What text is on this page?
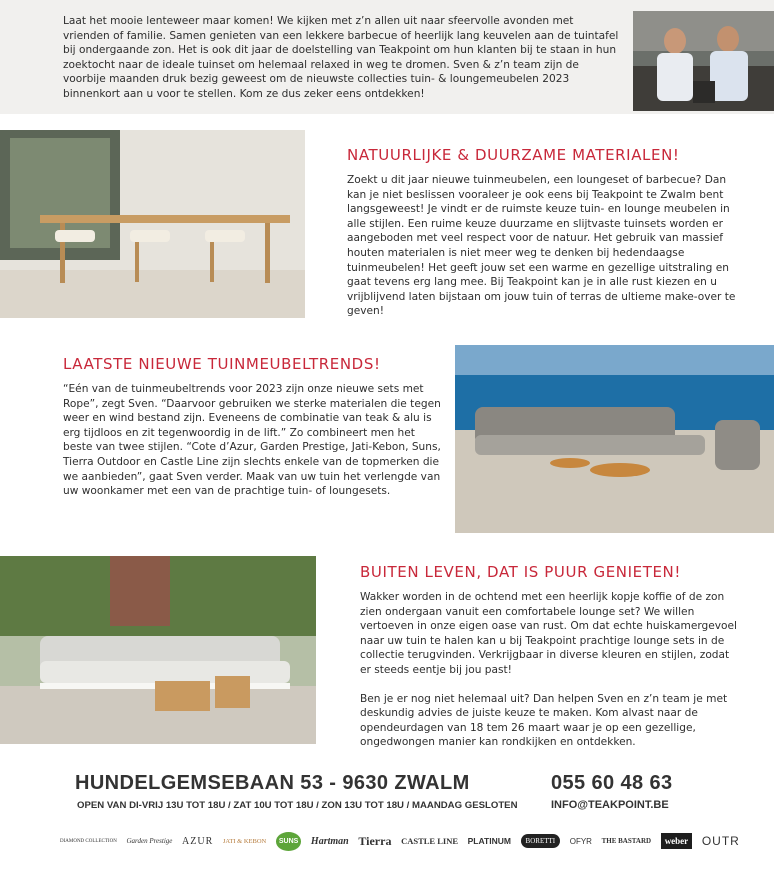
Laat het mooie lenteweer maar komen! We kijken met z’n allen uit naar sfeervolle avonden met vrienden of familie. Samen genieten van een lekkere barbecue of heerlijk lang keuvelen aan de tuintafel bij ondergaande zon. Het is ook dit jaar de doelstelling van Teakpoint om hun klanten bij te staan in hun zoektocht naar de ideale tuinset om helemaal relaxed in weg te dromen. Sven & z’n team zijn de voorbije maanden druk bezig geweest om de nieuwste collecties tuin- & loungemeubelen 2023 binnenkort aan u voor te stellen. Kom ze dus zeker eens ontdekken!

NATUURLIJKE & DUURZAME MATERIALEN!

Zoekt u dit jaar nieuwe tuinmeubelen, een loungeset of barbecue? Dan kan je niet beslissen vooraleer je ook eens bij Teakpoint te Zwalm bent langsgeweest! Je vindt er de ruimste keuze tuin- en lounge meubelen in alle stijlen. Een ruime keuze duurzame en slijtvaste tuinsets worden er aangeboden met veel respect voor de natuur. Het gebruik van massief houten materialen is niet meer weg te denken bij hedendaagse tuinmeubelen! Het geeft jouw set een warme en gezellige uitstraling en gaat tevens erg lang mee. Bij Teakpoint kan je in alle rust kiezen en u vrijblijvend laten bijstaan om jouw tuin of terras de ultieme make-over te geven!

LAATSTE NIEUWE TUINMEUBELTRENDS!

“Eén van de tuinmeubeltrends voor 2023 zijn onze nieuwe sets met Rope”, zegt Sven. “Daarvoor gebruiken we sterke materialen die tegen weer en wind bestand zijn. Eveneens de combinatie van teak & alu is erg tijdloos en zit tegenwoordig in de lift.” Zo combineert men het beste van twee stijlen. “Cote d’Azur, Garden Prestige, Jati-Kebon, Suns, Tierra Outdoor en Castle Line zijn slechts enkele van de topmerken die we aanbieden”, gaat Sven verder. Maak van uw tuin het verlengde van uw woonkamer met een van de prachtige tuin- of loungesets.

BUITEN LEVEN, DAT IS PUUR GENIETEN!

Wakker worden in de ochtend met een heerlijk kopje koffie of de zon zien ondergaan vanuit een comfortabele lounge set? We willen vertoeven in onze eigen oase van rust. Om dat echte huiskamergevoel naar uw tuin te halen kan u bij Teakpoint prachtige lounge sets in de collectie terugvinden. Verkrijgbaar in diverse kleuren en stijlen, zodat er steeds eentje bij jou past!

Ben je er nog niet helemaal uit? Dan helpen Sven en z’n team je met deskundig advies de juiste keuze te maken. Kom alvast naar de opendeurdagen van 18 tem 26 maart waar je op een gezellige, ongedwongen manier kan rondkijken en ontdekken.

HUNDELGEMSEBAAN 53 - 9630 ZWALM	055 60 48 63
OPEN VAN DI-VRIJ 13U TOT 18U / ZAT 10U TOT 18U / ZON 13U TOT 18U / MAANDAG GESLOTEN	INFO@TEAKPOINT.BE
DIAMOND COLLECTION Garden Prestige AZUR JATI & KEBON	SUNS	Hartman Tierra CASTLE LINE PLATINUM	BORETTI	OFYR THE BASTARD	weber	OUTR
